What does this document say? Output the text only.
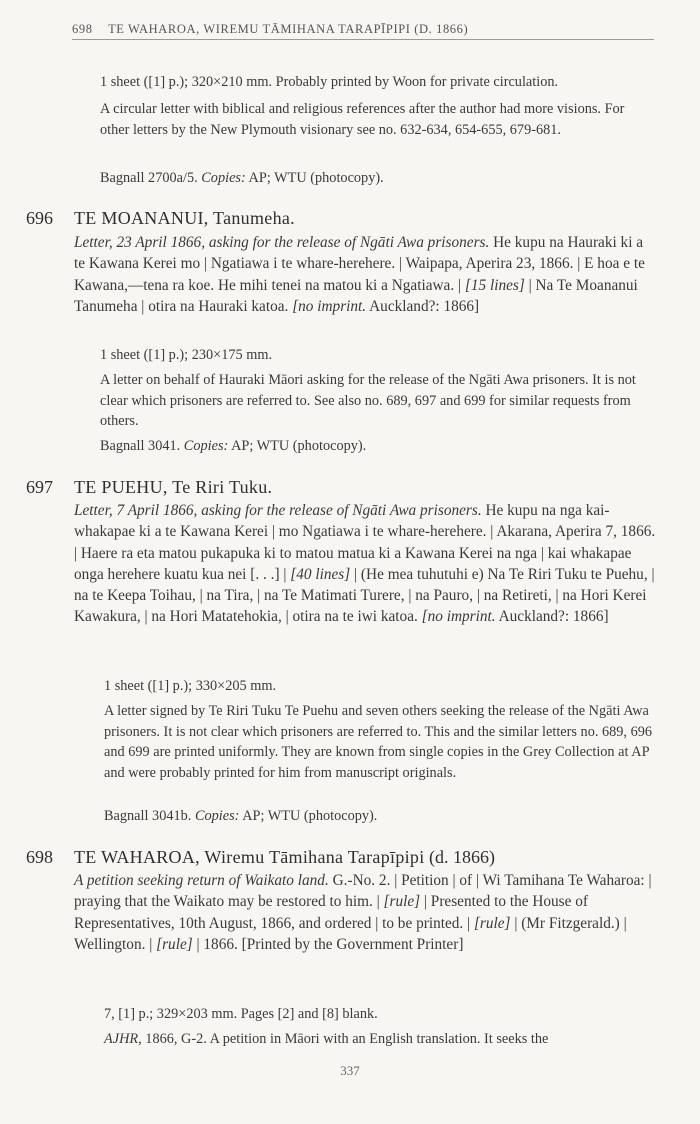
698 TE WAHAROA, WIREMU TĀMIHANA TARAPĪPIPI (D. 1866)

1 sheet ([1] p.); 320×210 mm. Probably printed by Woon for private circulation.

A circular letter with biblical and religious references after the author had more visions. For other letters by the New Plymouth visionary see no. 632-634, 654-655, 679-681.

Bagnall 2700a/5. Copies: AP; WTU (photocopy).
696 TE MOANANUI, Tanumeha.

Letter, 23 April 1866, asking for the release of Ngāti Awa prisoners. He kupu na Hauraki ki a te Kawana Kerei mo | Ngatiawa i te whare-herehere. | Waipapa, Aperira 23, 1866. | E hoa e te Kawana,—tena ra koe. He mihi tenei na matou ki a Ngatiawa. | [15 lines] | Na Te Moananui Tanumeha | otira na Hauraki katoa. [no imprint. Auckland?: 1866]

1 sheet ([1] p.); 230×175 mm.

A letter on behalf of Hauraki Māori asking for the release of the Ngāti Awa prisoners. It is not clear which prisoners are referred to. See also no. 689, 697 and 699 for similar requests from others.

Bagnall 3041. Copies: AP; WTU (photocopy).
697 TE PUEHU, Te Riri Tuku.

Letter, 7 April 1866, asking for the release of Ngāti Awa prisoners. He kupu na nga kai-whakapae ki a te Kawana Kerei | mo Ngatiawa i te whare-herehere. | Akarana, Aperira 7, 1866. | Haere ra eta matou pukapuka ki to matou matua ki a Kawana Kerei na nga | kai whakapae onga herehere kuatu kua nei [. . .] | [40 lines] | (He mea tuhutuhi e) Na Te Riri Tuku te Puehu, | na te Keepa Toihau, | na Tira, | na Te Matimati Turere, | na Pauro, | na Retireti, | na Hori Kerei Kawakura, | na Hori Matatehokia, | otira na te iwi katoa. [no imprint. Auckland?: 1866]

1 sheet ([1] p.); 330×205 mm.

A letter signed by Te Riri Tuku Te Puehu and seven others seeking the release of the Ngāti Awa prisoners. It is not clear which prisoners are referred to. This and the similar letters no. 689, 696 and 699 are printed uniformly. They are known from single copies in the Grey Collection at AP and were probably printed for him from manuscript originals.

Bagnall 3041b. Copies: AP; WTU (photocopy).
698 TE WAHAROA, Wiremu Tāmihana Tarapīpipi (d. 1866)

A petition seeking return of Waikato land. G.-No. 2. | Petition | of | Wi Tamihana Te Waharoa: | praying that the Waikato may be restored to him. | [rule] | Presented to the House of Representatives, 10th August, 1866, and ordered | to be printed. | [rule] | (Mr Fitzgerald.) | Wellington. | [rule] | 1866. [Printed by the Government Printer]

7, [1] p.; 329×203 mm. Pages [2] and [8] blank.

AJHR, 1866, G-2. A petition in Māori with an English translation. It seeks the

337
